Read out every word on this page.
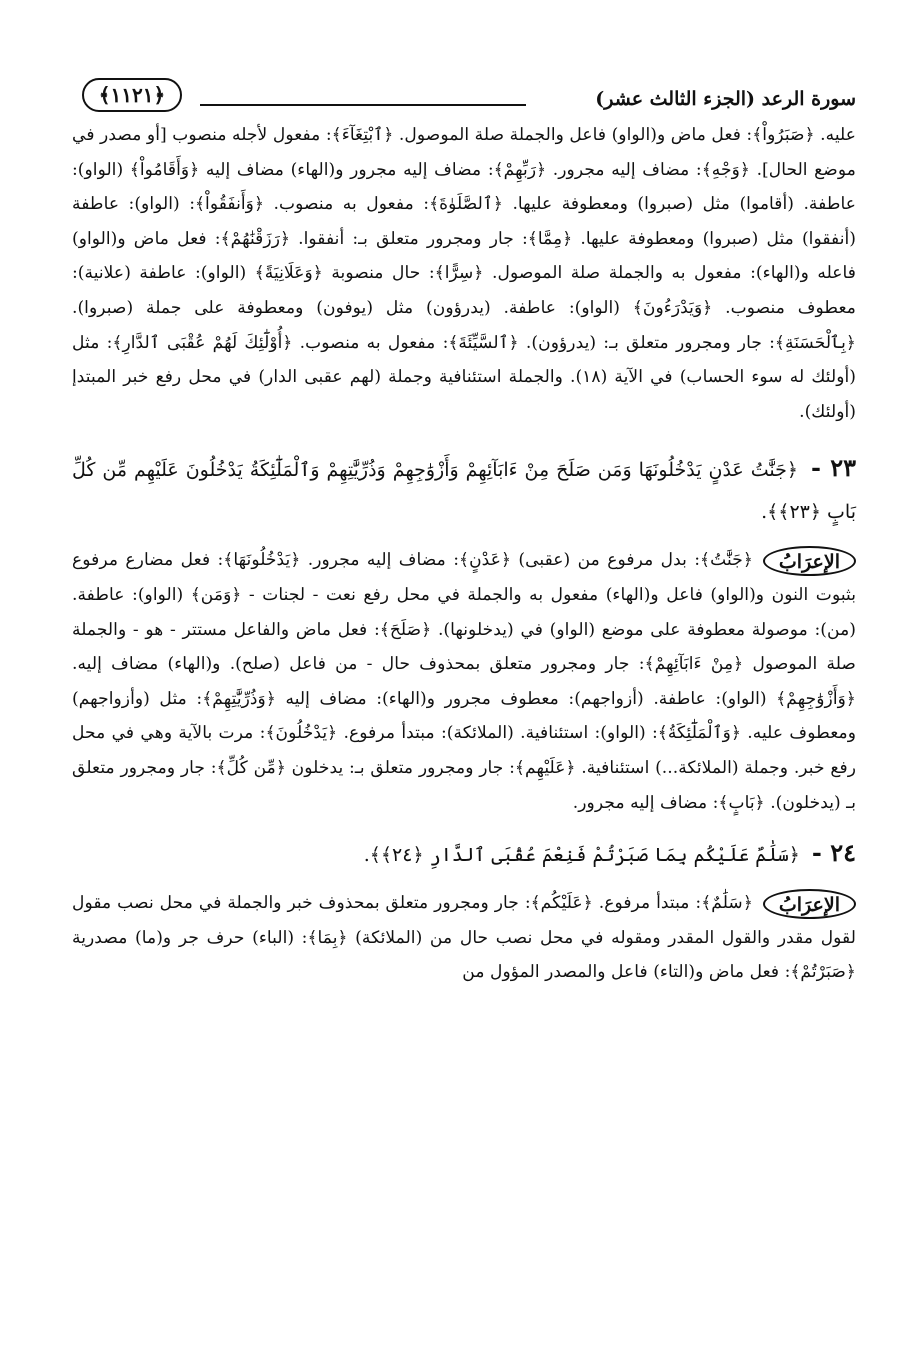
سورة الرعد (الجزء الثالث عشر)
﴿١١٢١﴾

عليه. ﴿صَبَرُواْ﴾: فعل ماض و(الواو) فاعل والجملة صلة الموصول. ﴿ٱبْتِغَآءَ﴾: مفعول لأجله منصوب [أو مصدر في موضع الحال]. ﴿وَجْهِ﴾: مضاف إليه مجرور. ﴿رَبِّهِمْ﴾: مضاف إليه مجرور و(الهاء) مضاف إليه ﴿وَأَقَامُواْ﴾ (الواو): عاطفة. (أقاموا) مثل (صبروا) ومعطوفة عليها. ﴿ٱلصَّلَوٰةَ﴾: مفعول به منصوب. ﴿وَأَنفَقُواْ﴾: (الواو): عاطفة (أنفقوا) مثل (صبروا) ومعطوفة عليها. ﴿مِمَّا﴾: جار ومجرور متعلق بـ: أنفقوا. ﴿رَزَقْنَٰهُمْ﴾: فعل ماض و(الواو) فاعله و(الهاء): مفعول به والجملة صلة الموصول. ﴿سِرًّا﴾: حال منصوبة ﴿وَعَلَانِيَةً﴾ (الواو): عاطفة (علانية): معطوف منصوب. ﴿وَيَدْرَءُونَ﴾ (الواو): عاطفة. (يدرؤون) مثل (يوفون) ومعطوفة على جملة (صبروا). ﴿بِٱلْحَسَنَةِ﴾: جار ومجرور متعلق بـ: (يدرؤون). ﴿ٱلسَّيِّئَةَ﴾: مفعول به منصوب. ﴿أُوْلَٰٓئِكَ لَهُمْ عُقْبَى ٱلدَّارِ﴾: مثل (أولئك له سوء الحساب) في الآية (١٨). والجملة استئنافية وجملة (لهم عقبى الدار) في محل رفع خبر المبتدإ (أولئك).

٢٣ - ﴿جَنَّٰتُ عَدْنٍ يَدْخُلُونَهَا وَمَن صَلَحَ مِنْ ءَابَآئِهِمْ وَأَزْوَٰجِهِمْ وَذُرِّيَّٰتِهِمْ وَٱلْمَلَٰٓئِكَةُ يَدْخُلُونَ عَلَيْهِم مِّن كُلِّ بَابٍ ﴿٢٣﴾﴾.

الإعرَابُ

﴿جَنَّٰتُ﴾: بدل مرفوع من (عقبى) ﴿عَدْنٍ﴾: مضاف إليه مجرور. ﴿يَدْخُلُونَهَا﴾: فعل مضارع مرفوع بثبوت النون و(الواو) فاعل و(الهاء) مفعول به والجملة في محل رفع نعت - لجنات - ﴿وَمَن﴾ (الواو): عاطفة. (من): موصولة معطوفة على موضع (الواو) في (يدخلونها). ﴿صَلَحَ﴾: فعل ماض والفاعل مستتر - هو - والجملة صلة الموصول ﴿مِنْ ءَابَآئِهِمْ﴾: جار ومجرور متعلق بمحذوف حال - من فاعل (صلح). و(الهاء) مضاف إليه. ﴿وَأَزْوَٰجِهِمْ﴾ (الواو): عاطفة. (أزواجهم): معطوف مجرور و(الهاء): مضاف إليه ﴿وَذُرِّيَّٰتِهِمْ﴾: مثل (وأزواجهم) ومعطوف عليه. ﴿وَٱلْمَلَٰٓئِكَةُ﴾: (الواو): استئنافية. (الملائكة): مبتدأ مرفوع. ﴿يَدْخُلُونَ﴾: مرت بالآية وهي في محل رفع خبر. وجملة (الملائكة...) استئنافية. ﴿عَلَيْهِم﴾: جار ومجرور متعلق بـ: يدخلون ﴿مِّن كُلِّ﴾: جار ومجرور متعلق بـ (يدخلون). ﴿بَابٍ﴾: مضاف إليه مجرور.

٢٤ - ﴿سَلَٰمٌ عَلَيْكُم بِمَا صَبَرْتُمْ فَنِعْمَ عُقْبَى ٱلدَّارِ ﴿٢٤﴾﴾.

الإعرَابُ

﴿سَلَٰمٌ﴾: مبتدأ مرفوع. ﴿عَلَيْكُم﴾: جار ومجرور متعلق بمحذوف خبر والجملة في محل نصب مقول لقول مقدر والقول المقدر ومقوله في محل نصب حال من (الملائكة) ﴿بِمَا﴾: (الباء) حرف جر و(ما) مصدرية ﴿صَبَرْتُمْ﴾: فعل ماض و(التاء) فاعل والمصدر المؤول من
